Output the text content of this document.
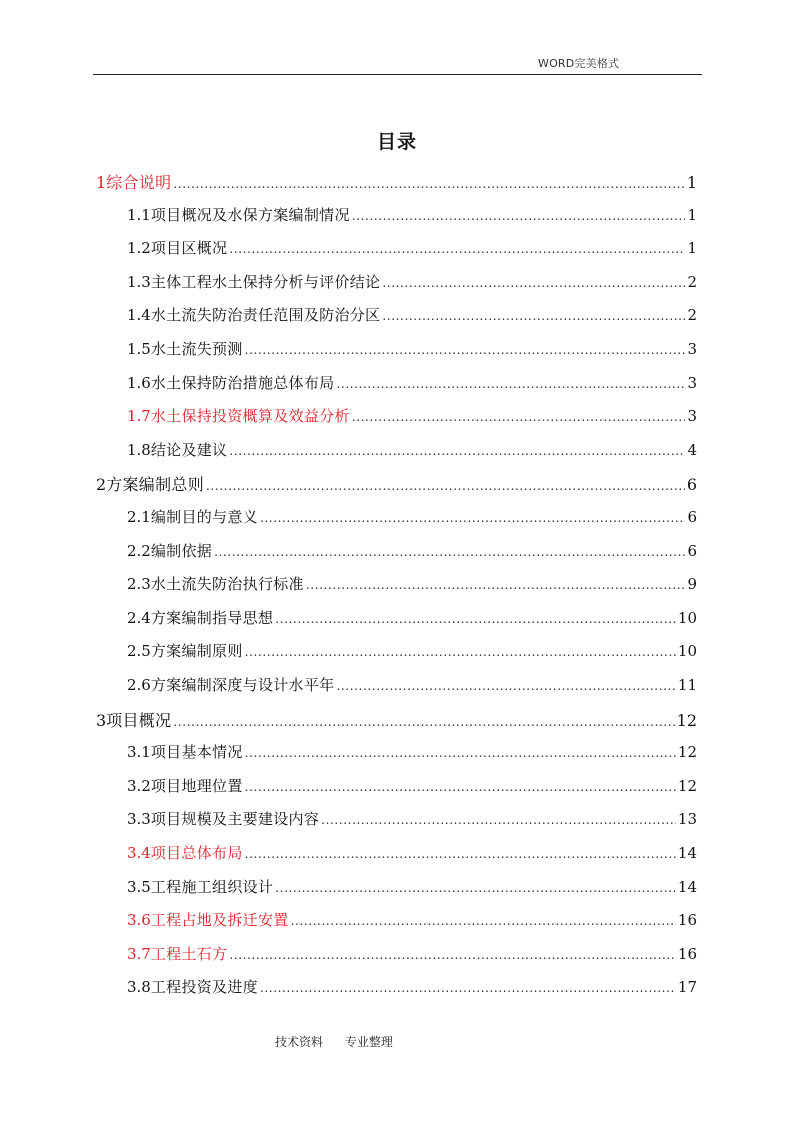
WORD完美格式
目录
1 综合说明 .....	1
1.1 项目概况及水保方案编制情况 .....	1
1.2 项目区概况 .....	1
1.3 主体工程水土保持分析与评价结论 .....	2
1.4 水土流失防治责任范围及防治分区 .....	2
1.5 水土流失预测 .....	3
1.6 水土保持防治措施总体布局 .....	3
1.7 水土保持投资概算及效益分析 .....	3
1.8 结论及建议 .....	4
2 方案编制总则 .....	6
2.1 编制目的与意义 .....	6
2.2 编制依据 .....	6
2.3 水土流失防治执行标准 .....	9
2.4 方案编制指导思想 .....	10
2.5 方案编制原则 .....	10
2.6 方案编制深度与设计水平年 .....	11
3 项目概况 .....	12
3.1 项目基本情况 .....	12
3.2 项目地理位置 .....	12
3.3 项目规模及主要建设内容 .....	13
3.4 项目总体布局 .....	14
3.5 工程施工组织设计 .....	14
3.6 工程占地及拆迁安置 .....	16
3.7 工程土石方 .....	16
3.8 工程投资及进度 .....	17
技术资料 专业整理
